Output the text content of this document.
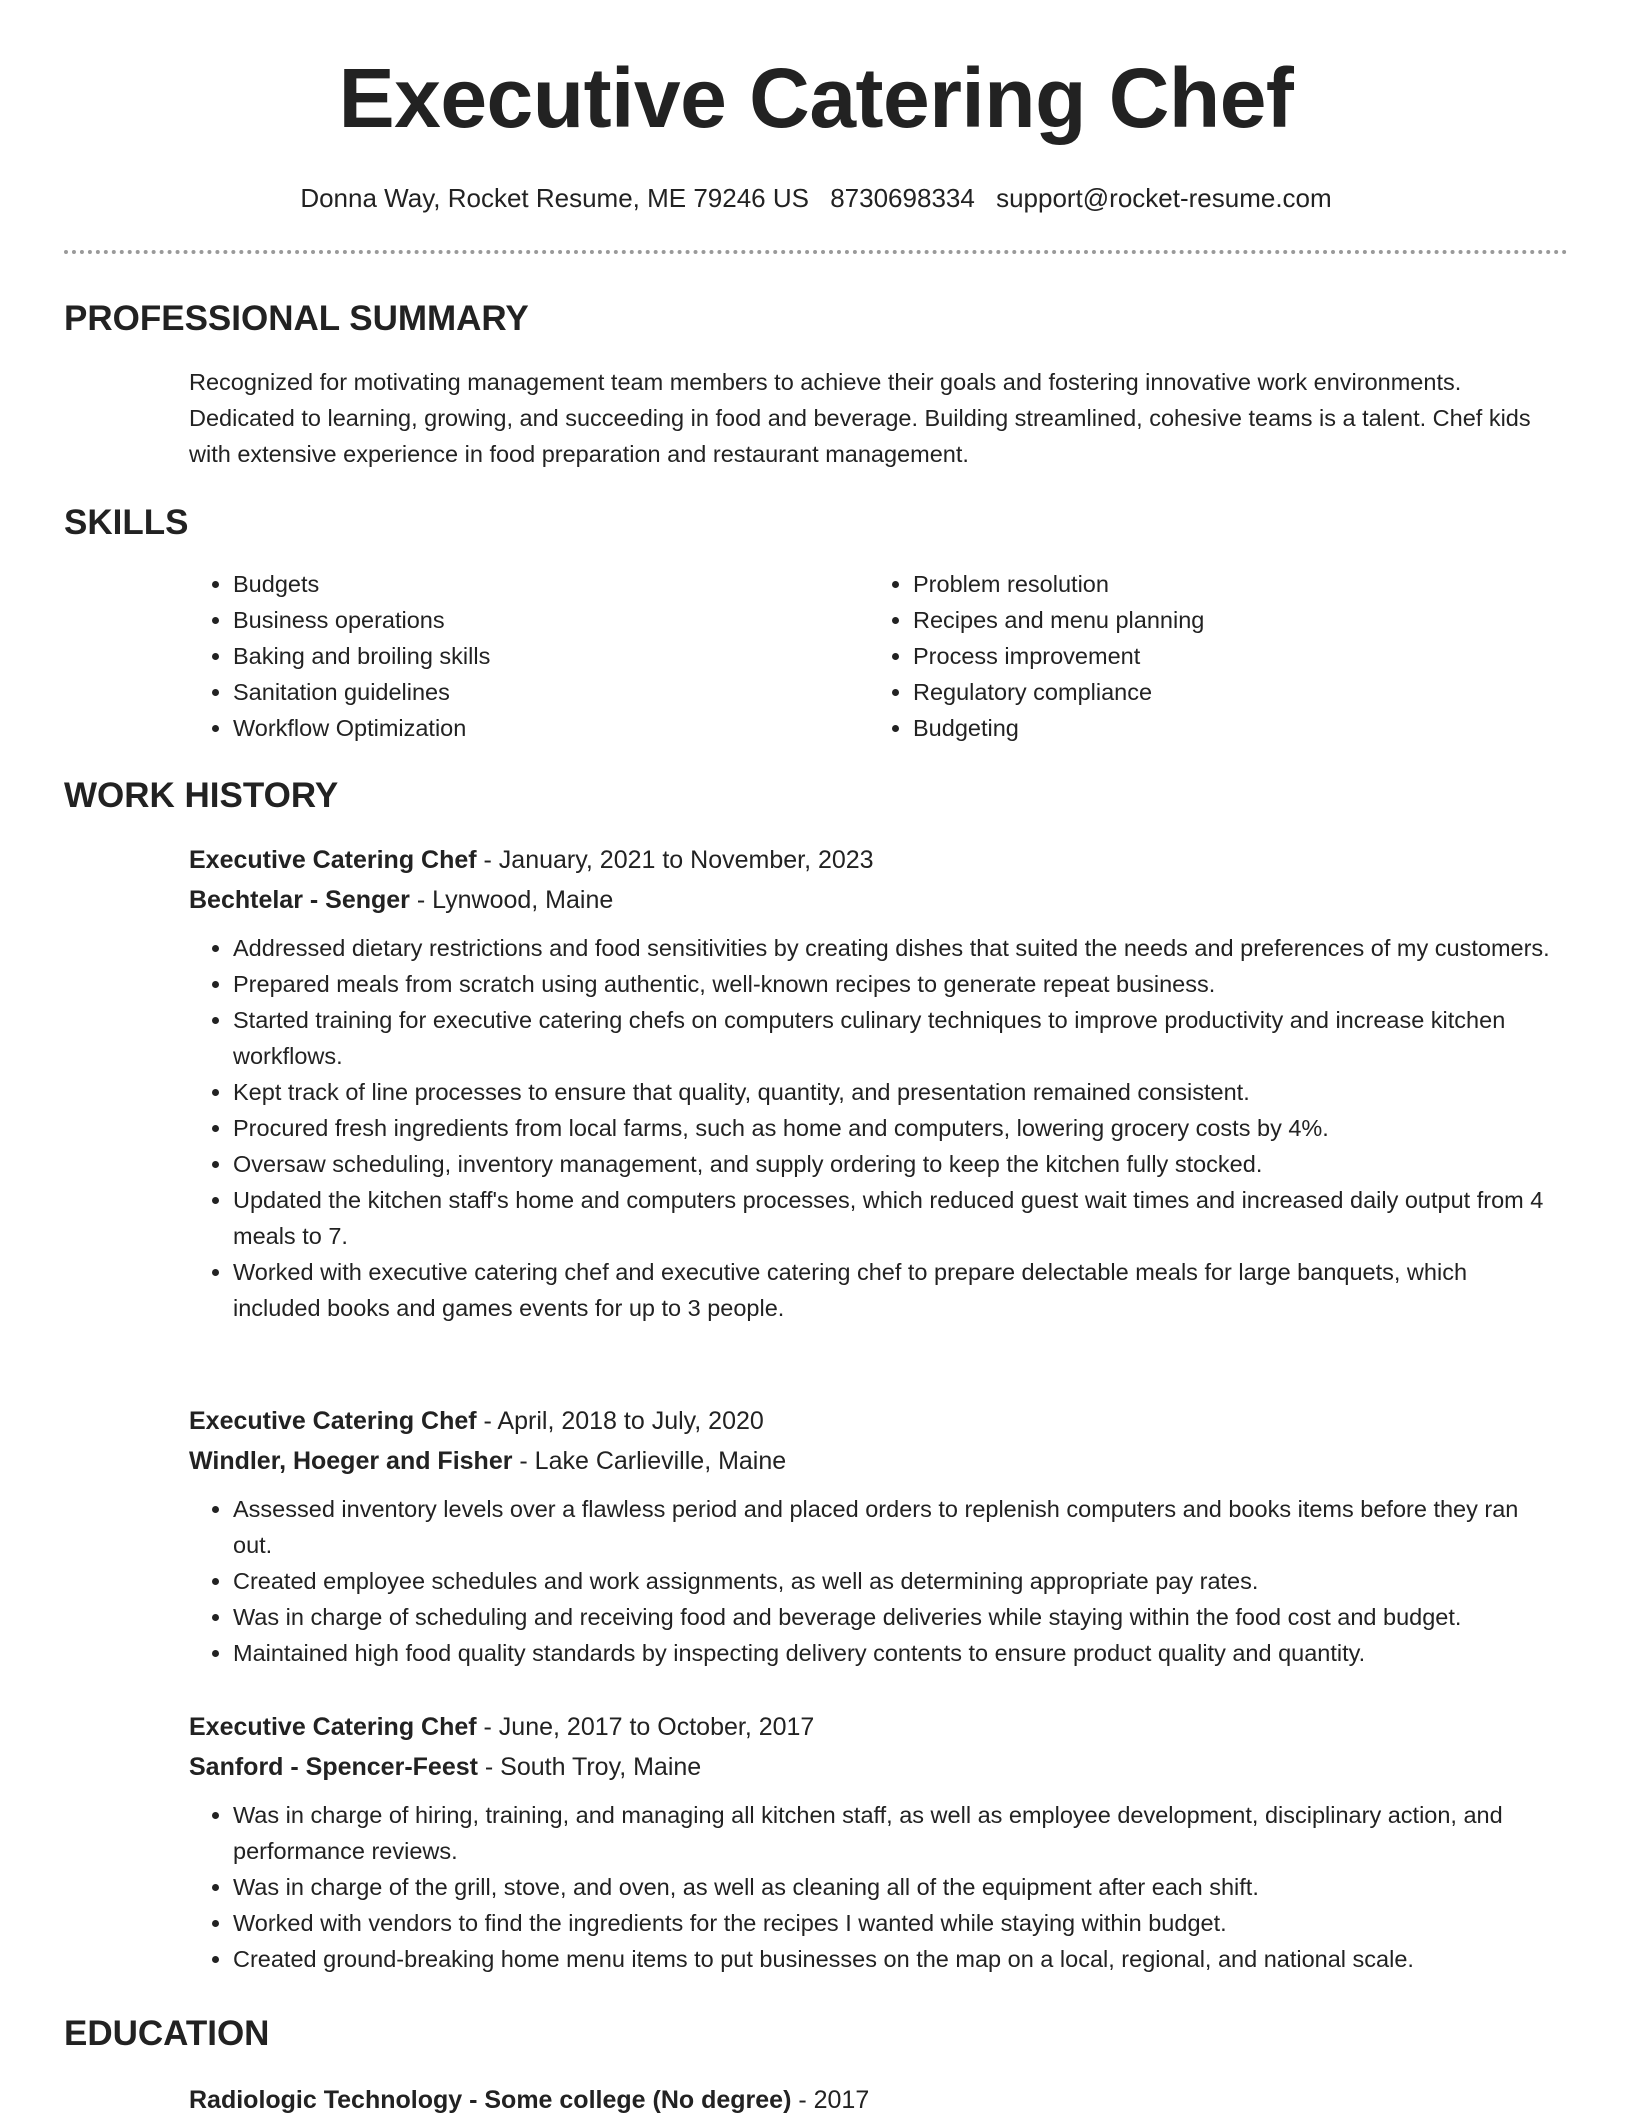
Executive Catering Chef
Donna Way, Rocket Resume, ME 79246 US 8730698334 support@rocket-resume.com
PROFESSIONAL SUMMARY
Recognized for motivating management team members to achieve their goals and fostering innovative work environments. Dedicated to learning, growing, and succeeding in food and beverage. Building streamlined, cohesive teams is a talent. Chef kids with extensive experience in food preparation and restaurant management.
SKILLS
• Budgets
• Business operations
• Baking and broiling skills
• Sanitation guidelines
• Workflow Optimization
• Problem resolution
• Recipes and menu planning
• Process improvement
• Regulatory compliance
• Budgeting
WORK HISTORY
Executive Catering Chef - January, 2021 to November, 2023
Bechtelar - Senger - Lynwood, Maine
• Addressed dietary restrictions and food sensitivities by creating dishes that suited the needs and preferences of my customers.
• Prepared meals from scratch using authentic, well-known recipes to generate repeat business.
• Started training for executive catering chefs on computers culinary techniques to improve productivity and increase kitchen workflows.
• Kept track of line processes to ensure that quality, quantity, and presentation remained consistent.
• Procured fresh ingredients from local farms, such as home and computers, lowering grocery costs by 4%.
• Oversaw scheduling, inventory management, and supply ordering to keep the kitchen fully stocked.
• Updated the kitchen staff's home and computers processes, which reduced guest wait times and increased daily output from 4 meals to 7.
• Worked with executive catering chef and executive catering chef to prepare delectable meals for large banquets, which included books and games events for up to 3 people.
Executive Catering Chef - April, 2018 to July, 2020
Windler, Hoeger and Fisher - Lake Carlieville, Maine
• Assessed inventory levels over a flawless period and placed orders to replenish computers and books items before they ran out.
• Created employee schedules and work assignments, as well as determining appropriate pay rates.
• Was in charge of scheduling and receiving food and beverage deliveries while staying within the food cost and budget.
• Maintained high food quality standards by inspecting delivery contents to ensure product quality and quantity.
Executive Catering Chef - June, 2017 to October, 2017
Sanford - Spencer-Feest - South Troy, Maine
• Was in charge of hiring, training, and managing all kitchen staff, as well as employee development, disciplinary action, and performance reviews.
• Was in charge of the grill, stove, and oven, as well as cleaning all of the equipment after each shift.
• Worked with vendors to find the ingredients for the recipes I wanted while staying within budget.
• Created ground-breaking home menu items to put businesses on the map on a local, regional, and national scale.
EDUCATION
Radiologic Technology - Some college (No degree) - 2017
